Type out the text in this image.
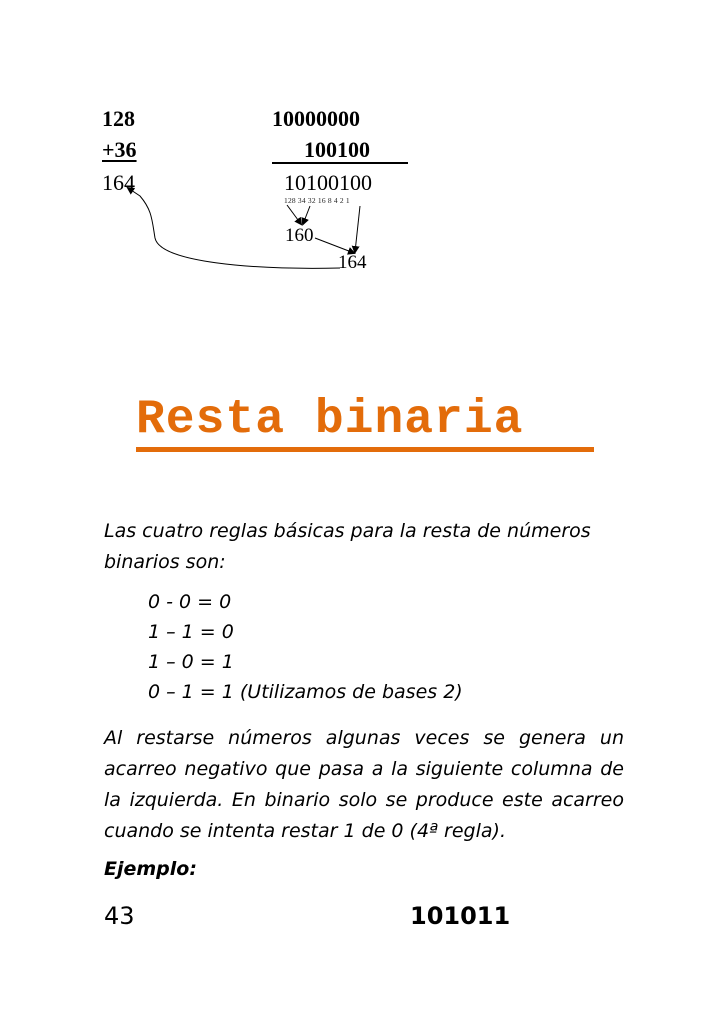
128
+36
164
10000000
100100
10100100
128 34 32 16 8 4 2 1
160
164
Resta binaria
Las cuatro reglas básicas para la resta de números binarios son:
0 - 0 = 0
1 – 1 = 0
1 – 0 = 1
0 – 1 = 1 (Utilizamos de bases 2)
Al restarse números algunas veces se genera un acarreo negativo que pasa a la siguiente columna de la izquierda. En binario solo se produce este acarreo cuando se intenta restar 1 de 0 (4ª regla).
Ejemplo:
43	101011
